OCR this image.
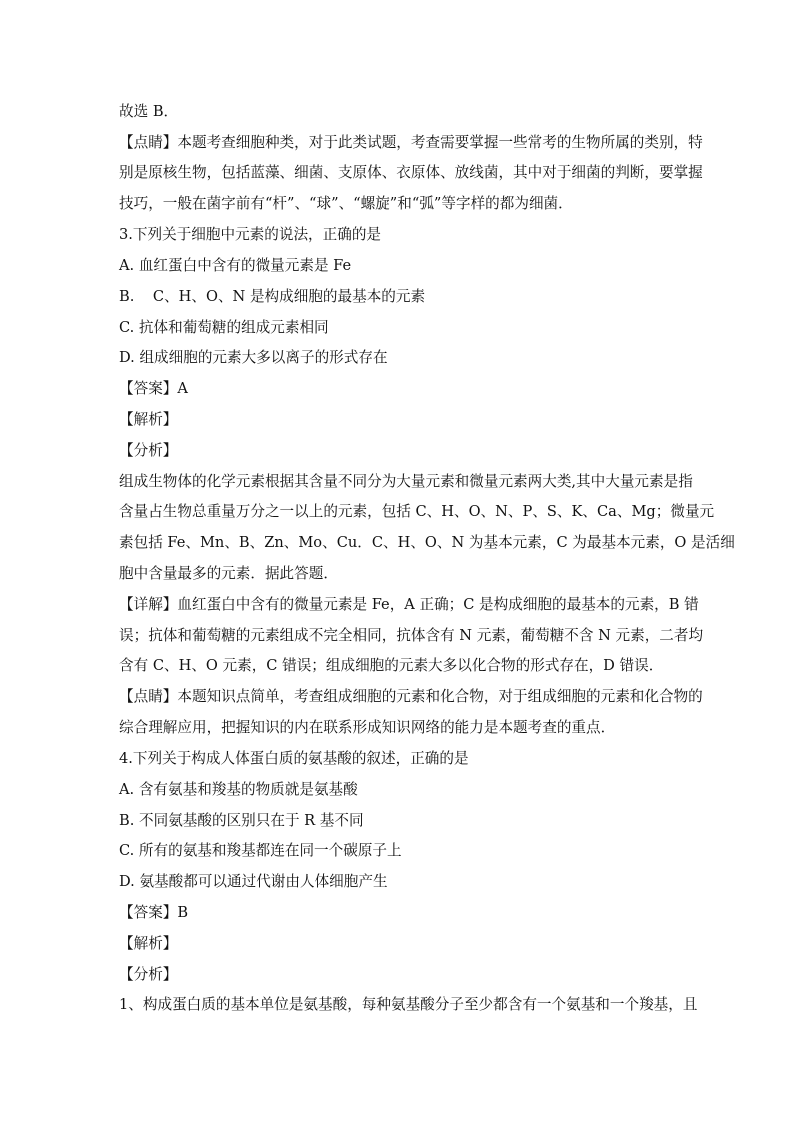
故选 B．
【点睛】本题考查细胞种类，对于此类试题，考查需要掌握一些常考的生物所属的类别，特
别是原核生物，包括蓝藻、细菌、支原体、衣原体、放线菌，其中对于细菌的判断，要掌握
技巧，一般在菌字前有“杆”、“球”、“螺旋”和“弧”等字样的都为细菌．
3.下列关于细胞中元素的说法，正确的是
A. 血红蛋白中含有的微量元素是 Fe
B.    C、H、O、N 是构成细胞的最基本的元素
C. 抗体和葡萄糖的组成元素相同
D. 组成细胞的元素大多以离子的形式存在
【答案】A
【解析】
【分析】
组成生物体的化学元素根据其含量不同分为大量元素和微量元素两大类,其中大量元素是指
含量占生物总重量万分之一以上的元素，包括 C、H、O、N、P、S、K、Ca、Mg；微量元
素包括 Fe、Mn、B、Zn、Mo、Cu．C、H、O、N 为基本元素，C 为最基本元素，O 是活细
胞中含量最多的元素．据此答题．
【详解】血红蛋白中含有的微量元素是 Fe，A 正确；C 是构成细胞的最基本的元素，B 错
误；抗体和葡萄糖的元素组成不完全相同，抗体含有 N 元素，葡萄糖不含 N 元素，二者均
含有 C、H、O 元素，C 错误；组成细胞的元素大多以化合物的形式存在，D 错误．
【点睛】本题知识点简单，考查组成细胞的元素和化合物，对于组成细胞的元素和化合物的
综合理解应用，把握知识的内在联系形成知识网络的能力是本题考查的重点．
4.下列关于构成人体蛋白质的氨基酸的叙述，正确的是
A. 含有氨基和羧基的物质就是氨基酸
B. 不同氨基酸的区别只在于 R 基不同
C. 所有的氨基和羧基都连在同一个碳原子上
D. 氨基酸都可以通过代谢由人体细胞产生
【答案】B
【解析】
【分析】
1、构成蛋白质的基本单位是氨基酸，每种氨基酸分子至少都含有一个氨基和一个羧基，且
